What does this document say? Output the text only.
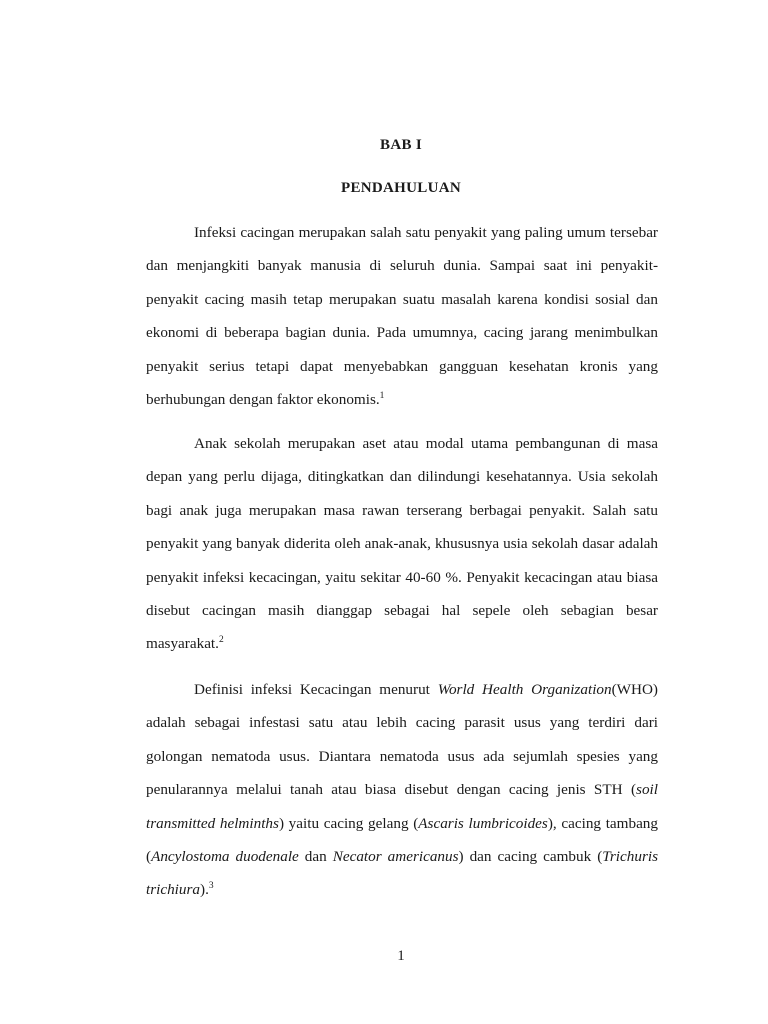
BAB I
PENDAHULUAN

Infeksi cacingan merupakan salah satu penyakit yang paling umum tersebar dan menjangkiti banyak manusia di seluruh dunia. Sampai saat ini penyakit-penyakit cacing masih tetap merupakan suatu masalah karena kondisi sosial dan ekonomi di beberapa bagian dunia. Pada umumnya, cacing jarang menimbulkan penyakit serius tetapi dapat menyebabkan gangguan kesehatan kronis yang berhubungan dengan faktor ekonomis.$^1$

Anak sekolah merupakan aset atau modal utama pembangunan di masa depan yang perlu dijaga, ditingkatkan dan dilindungi kesehatannya. Usia sekolah bagi anak juga merupakan masa rawan terserang berbagai penyakit. Salah satu penyakit yang banyak diderita oleh anak-anak, khususnya usia sekolah dasar adalah penyakit infeksi kecacingan, yaitu sekitar 40-60 %. Penyakit kecacingan atau biasa disebut cacingan masih dianggap sebagai hal sepele oleh sebagian besar masyarakat.$^2$

Definisi infeksi Kecacingan menurut World Health Organization(WHO) adalah sebagai infestasi satu atau lebih cacing parasit usus yang terdiri dari golongan nematoda usus. Diantara nematoda usus ada sejumlah spesies yang penularannya melalui tanah atau biasa disebut dengan cacing jenis STH (soil transmitted helminths) yaitu cacing gelang (Ascaris lumbricoides), cacing tambang (Ancylostoma duodenale dan Necator americanus) dan cacing cambuk (Trichuris trichiura).$^3$

1
